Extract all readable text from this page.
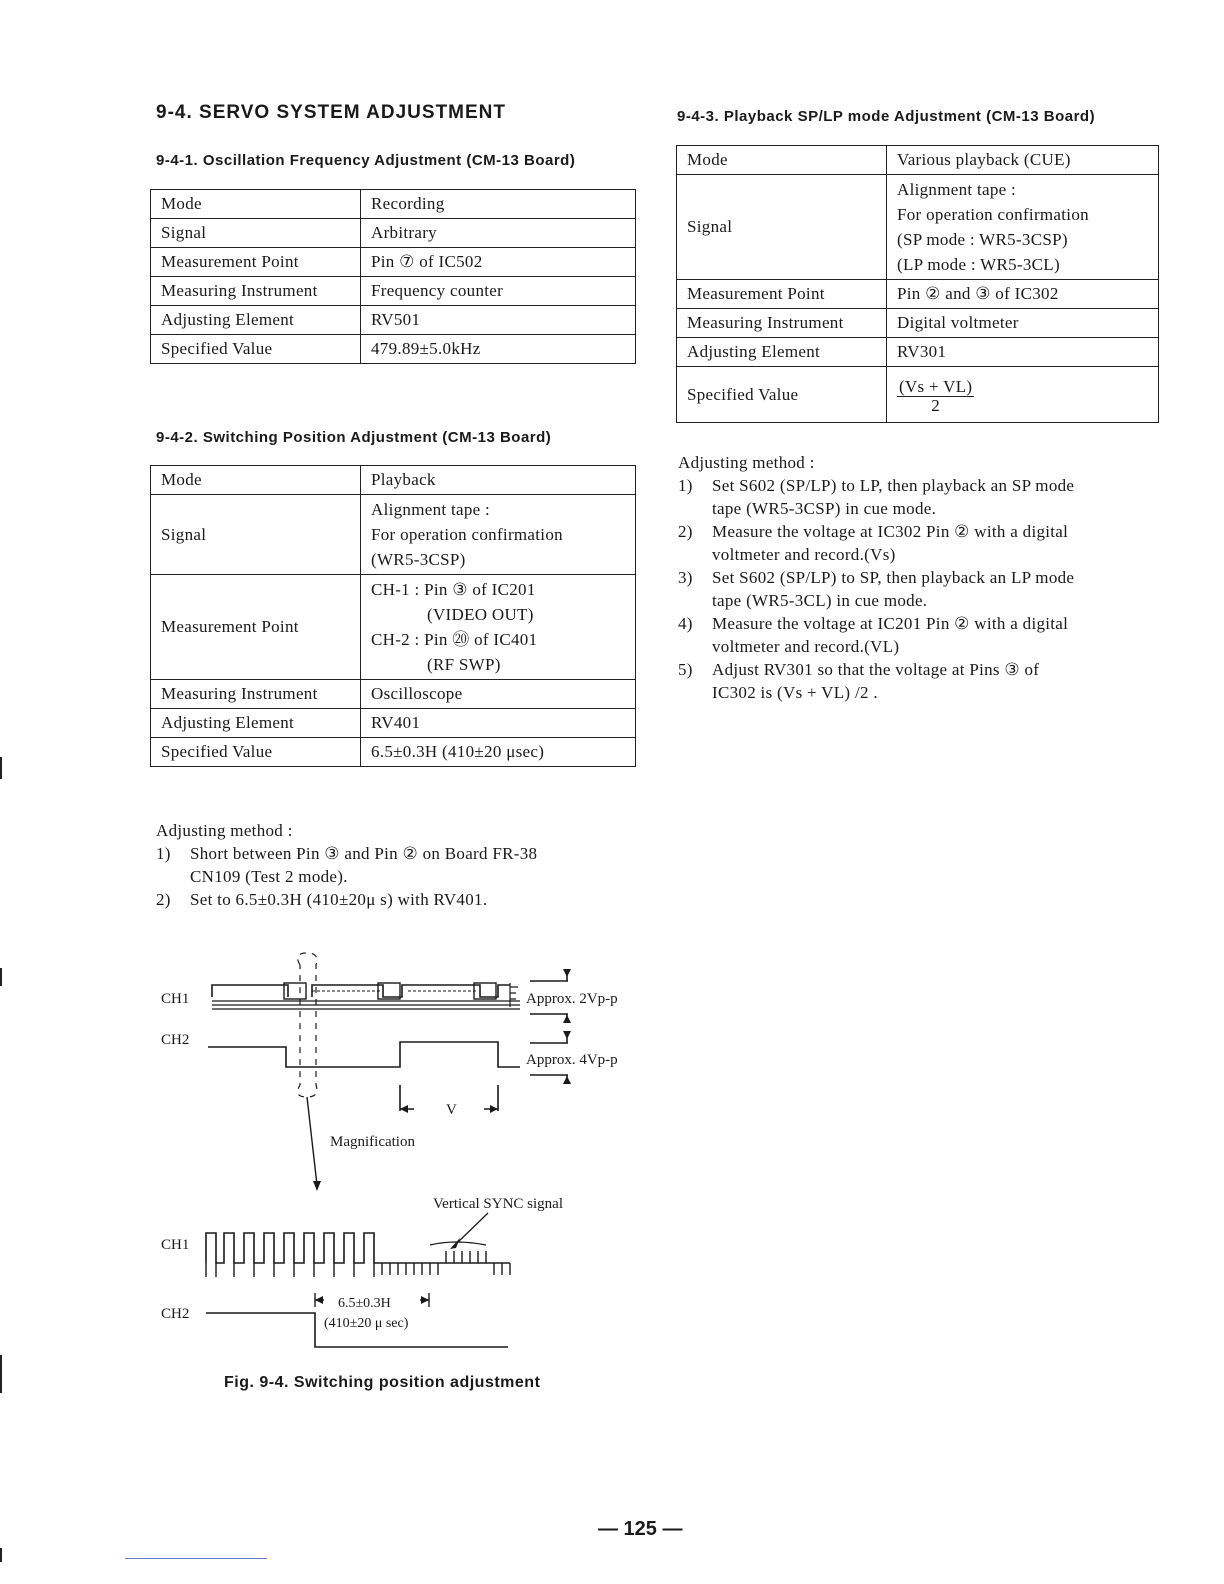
9-4. SERVO SYSTEM ADJUSTMENT
9-4-1. Oscillation Frequency Adjustment (CM-13 Board)
Mode	Recording
Signal	Arbitrary
Measurement Point	Pin ⑦ of IC502
Measuring Instrument	Frequency counter
Adjusting Element	RV501
Specified Value	479.89±5.0kHz
9-4-2. Switching Position Adjustment (CM-13 Board)
Mode	Playback
Signal	Alignment tape :
For operation confirmation
(WR5-3CSP)

Measurement Point	CH-1 : Pin ③ of IC201
(VIDEO OUT)
CH-2 : Pin ⑳ of IC401
(RF SWP)

Measuring Instrument	Oscilloscope
Adjusting Element	RV401
Specified Value	6.5±0.3H (410±20 μsec)
Adjusting method :
1)	Short between Pin ③ and Pin ② on Board FR-38
CN109 (Test 2 mode).
2)	Set to 6.5±0.3H (410±20μ s) with RV401.
CH1
CH2
Approx. 2Vp-p
Approx. 4Vp-p
V
Magnification
Vertical SYNC signal
CH1
CH2
6.5±0.3H
(410±20 μ sec)
Fig. 9-4. Switching position adjustment
9-4-3. Playback SP/LP mode Adjustment (CM-13 Board)
Mode	Various playback (CUE)
Signal	Alignment tape :
For operation confirmation
(SP mode : WR5-3CSP)
(LP mode : WR5-3CL)

Measurement Point	Pin ② and ③ of IC302
Measuring Instrument	Digital voltmeter
Adjusting Element	RV301
Specified Value	$\frac{(Vs + VL)}{2}$
Adjusting method :
1)	Set S602 (SP/LP) to LP, then playback an SP mode
tape (WR5-3CSP) in cue mode.
2)	Measure the voltage at IC302 Pin ② with a digital
voltmeter and record.(Vs)
3)	Set S602 (SP/LP) to SP, then playback an LP mode
tape (WR5-3CL) in cue mode.
4)	Measure the voltage at IC201 Pin ② with a digital
voltmeter and record.(VL)
5)	Adjust RV301 so that the voltage at Pins ③ of
IC302 is (Vs + VL) /2 .
— 125 —
